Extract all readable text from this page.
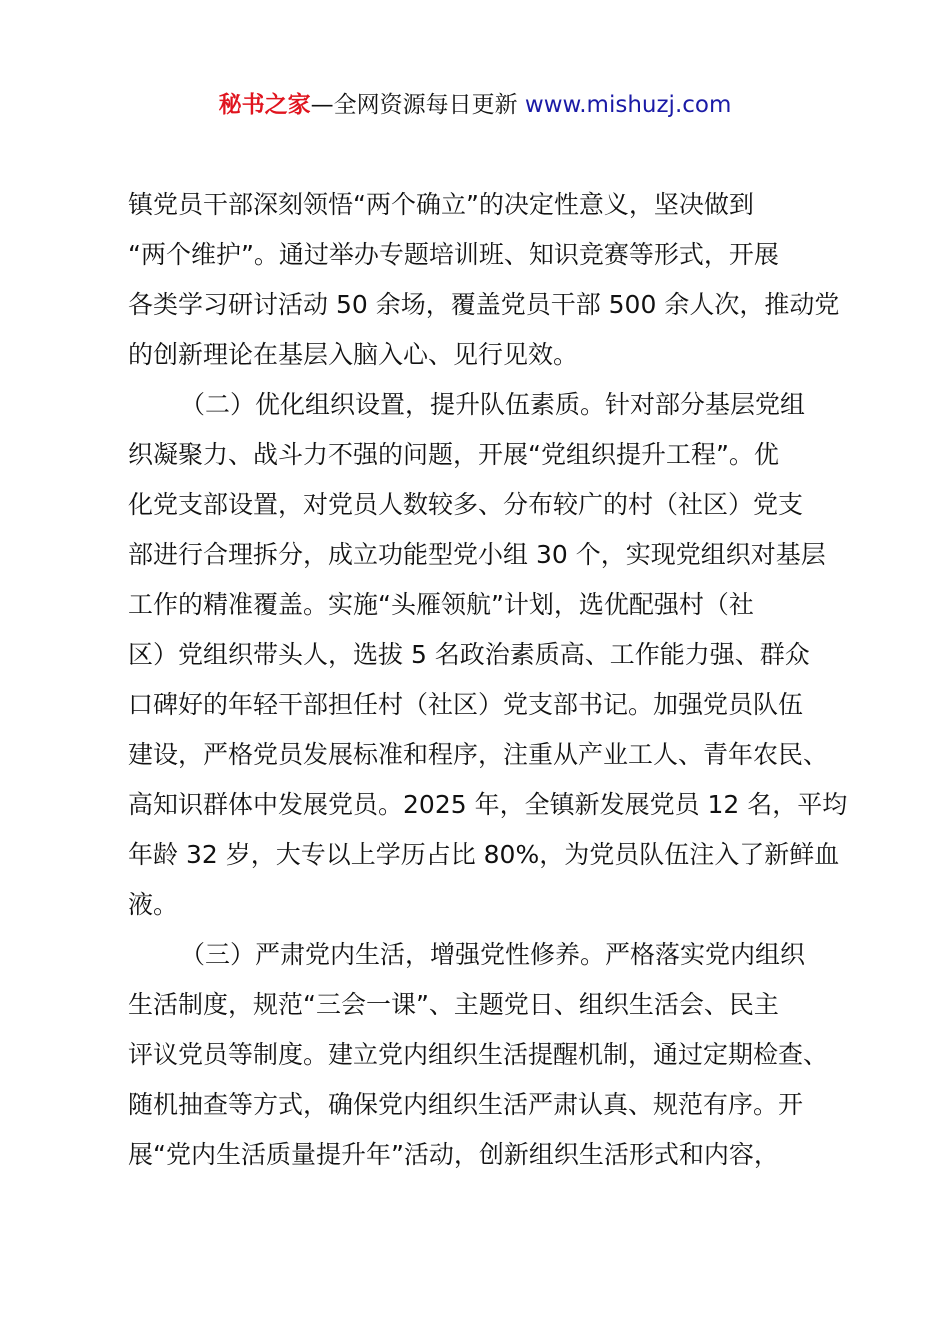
秘书之家—全网资源每日更新 www.mishuzj.com
镇党员干部深刻领悟“两个确立”的决定性意义，坚决做到
“两个维护”。通过举办专题培训班、知识竞赛等形式，开展
各类学习研讨活动 50 余场，覆盖党员干部 500 余人次，推动党
的创新理论在基层入脑入心、见行见效。
（二）优化组织设置，提升队伍素质。针对部分基层党组
织凝聚力、战斗力不强的问题，开展“党组织提升工程”。优
化党支部设置，对党员人数较多、分布较广的村（社区）党支
部进行合理拆分，成立功能型党小组 30 个，实现党组织对基层
工作的精准覆盖。实施“头雁领航”计划，选优配强村（社
区）党组织带头人，选拔 5 名政治素质高、工作能力强、群众
口碑好的年轻干部担任村（社区）党支部书记。加强党员队伍
建设，严格党员发展标准和程序，注重从产业工人、青年农民、
高知识群体中发展党员。2025 年，全镇新发展党员 12 名，平均
年龄 32 岁，大专以上学历占比 80%，为党员队伍注入了新鲜血
液。
（三）严肃党内生活，增强党性修养。严格落实党内组织
生活制度，规范“三会一课”、主题党日、组织生活会、民主
评议党员等制度。建立党内组织生活提醒机制，通过定期检查、
随机抽查等方式，确保党内组织生活严肃认真、规范有序。开
展“党内生活质量提升年”活动，创新组织生活形式和内容，
